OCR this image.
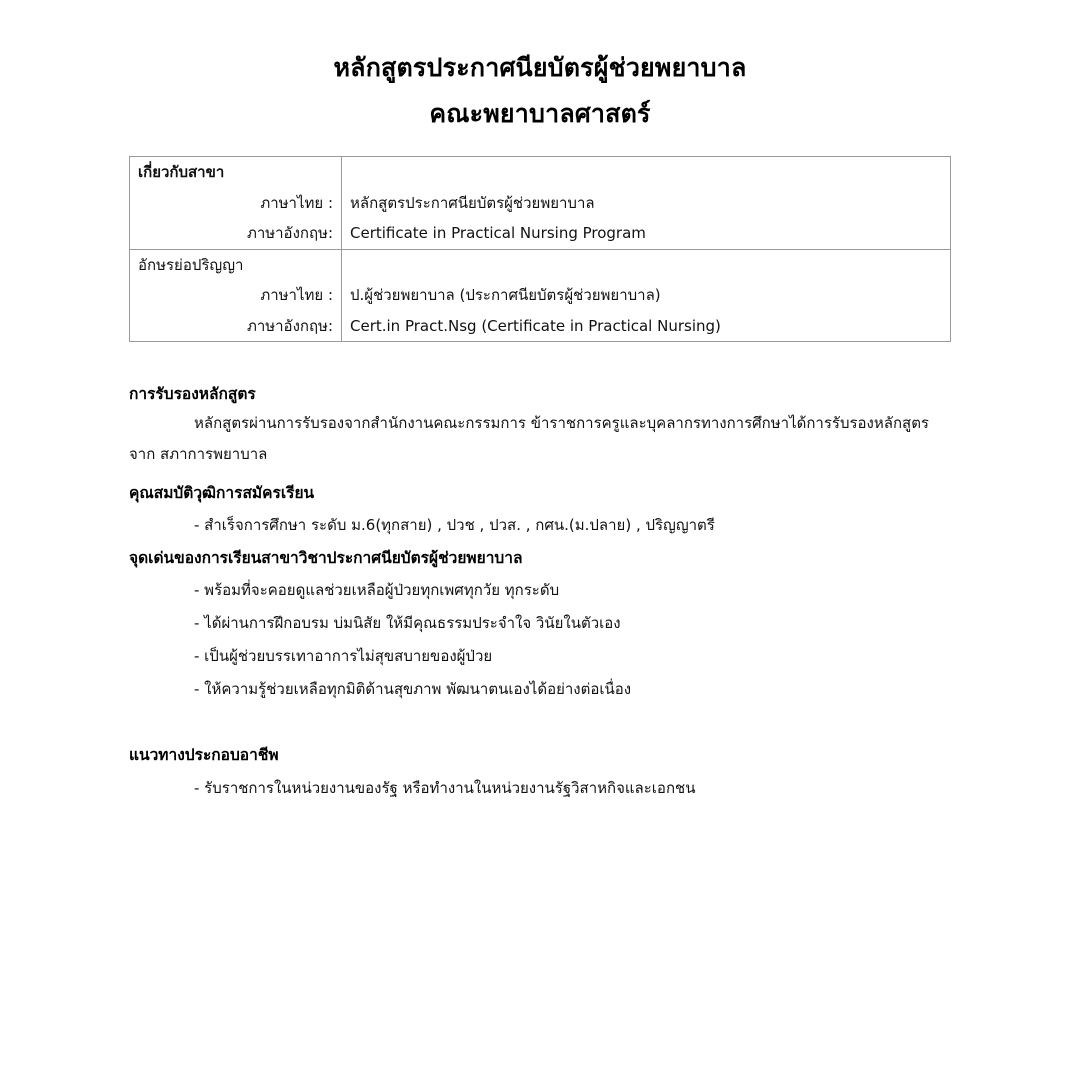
หลักสูตรประกาศนียบัตรผู้ช่วยพยาบาล
คณะพยาบาลศาสตร์
เกี่ยวกับสาขา	
ภาษาไทย :	หลักสูตรประกาศนียบัตรผู้ช่วยพยาบาล
ภาษาอังกฤษ:	Certificate in Practical Nursing Program
อักษรย่อปริญญา	
ภาษาไทย :	ป.ผู้ช่วยพยาบาล (ประกาศนียบัตรผู้ช่วยพยาบาล)
ภาษาอังกฤษ:	Cert.in Pract.Nsg (Certificate in Practical Nursing)
การรับรองหลักสูตร
หลักสูตรผ่านการรับรองจากสำนักงานคณะกรรมการ ข้าราชการครูและบุคลากรทางการศึกษาได้การรับรองหลักสูตร จาก สภาการพยาบาล
คุณสมบัติวุฒิการสมัครเรียน
- สำเร็จการศึกษา ระดับ ม.6(ทุกสาย) , ปวช , ปวส. , กศน.(ม.ปลาย) , ปริญญาตรี
จุดเด่นของการเรียนสาขาวิชาประกาศนียบัตรผู้ช่วยพยาบาล
- พร้อมที่จะคอยดูแลช่วยเหลือผู้ป่วยทุกเพศทุกวัย ทุกระดับ
- ได้ผ่านการฝึกอบรม บ่มนิสัย ให้มีคุณธรรมประจำใจ วินัยในตัวเอง
- เป็นผู้ช่วยบรรเทาอาการไม่สุขสบายของผู้ป่วย
- ให้ความรู้ช่วยเหลือทุกมิติด้านสุขภาพ พัฒนาตนเองได้อย่างต่อเนื่อง
แนวทางประกอบอาชีพ
- รับราชการในหน่วยงานของรัฐ หรือทำงานในหน่วยงานรัฐวิสาหกิจและเอกชน
